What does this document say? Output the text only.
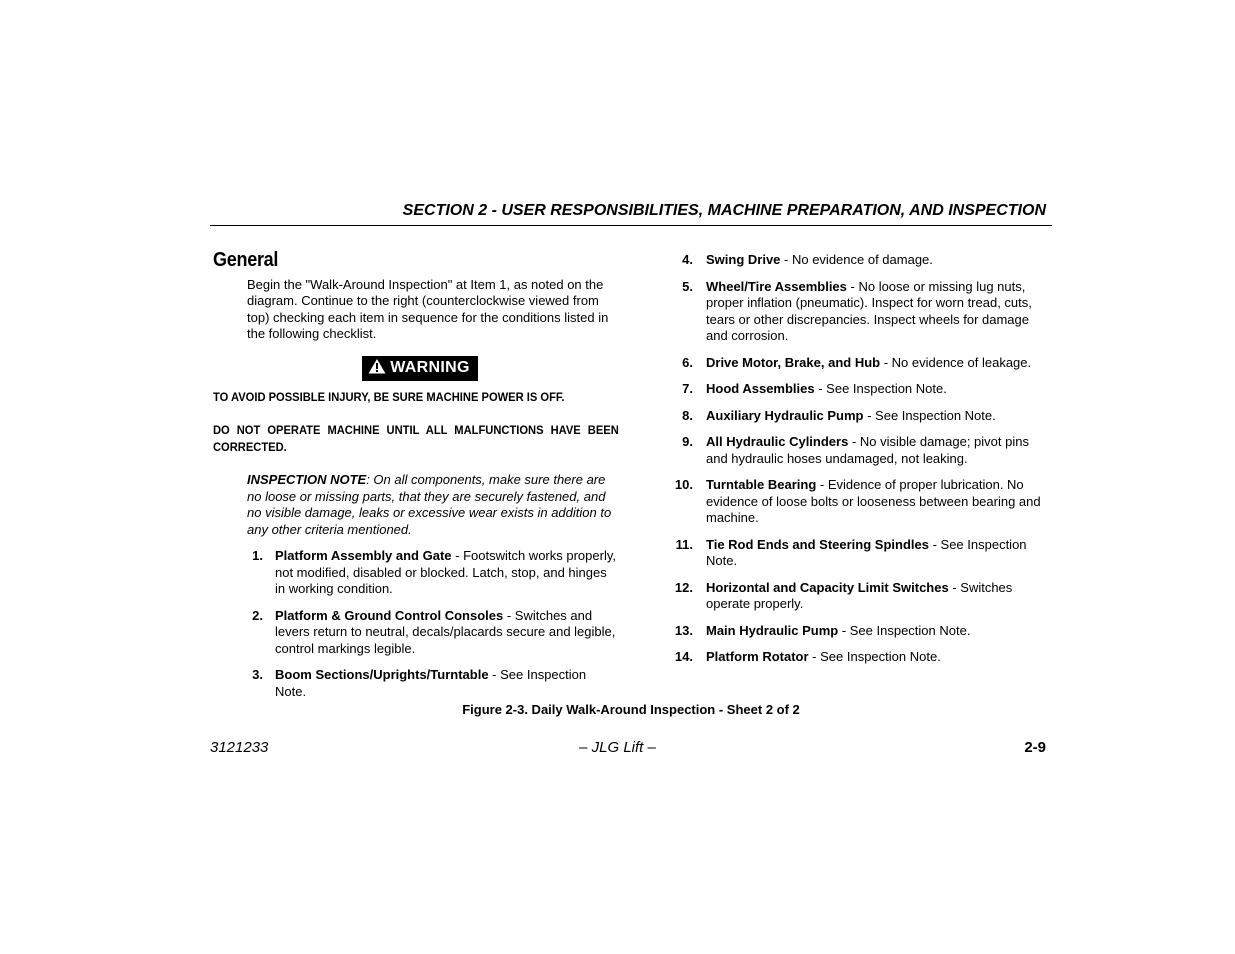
SECTION 2 - USER RESPONSIBILITIES, MACHINE PREPARATION, AND INSPECTION
General

Begin the "Walk-Around Inspection" at Item 1, as noted on the diagram. Continue to the right (counterclockwise viewed from top) checking each item in sequence for the conditions listed in the following checklist.

WARNING

TO AVOID POSSIBLE INJURY, BE SURE MACHINE POWER IS OFF.

DO NOT OPERATE MACHINE UNTIL ALL MALFUNCTIONS HAVE BEEN CORRECTED.

INSPECTION NOTE: On all components, make sure there are no loose or missing parts, that they are securely fastened, and no visible damage, leaks or excessive wear exists in addition to any other criteria mentioned.

1. Platform Assembly and Gate - Footswitch works properly, not modified, disabled or blocked. Latch, stop, and hinges in working condition.
2. Platform & Ground Control Consoles - Switches and levers return to neutral, decals/placards secure and legible, control markings legible.
3. Boom Sections/Uprights/Turntable - See Inspection Note.
4. Swing Drive - No evidence of damage.
5. Wheel/Tire Assemblies - No loose or missing lug nuts, proper inflation (pneumatic). Inspect for worn tread, cuts, tears or other discrepancies. Inspect wheels for damage and corrosion.
6. Drive Motor, Brake, and Hub - No evidence of leakage.
7. Hood Assemblies - See Inspection Note.
8. Auxiliary Hydraulic Pump - See Inspection Note.
9. All Hydraulic Cylinders - No visible damage; pivot pins and hydraulic hoses undamaged, not leaking.
10. Turntable Bearing - Evidence of proper lubrication. No evidence of loose bolts or looseness between bearing and machine.
11. Tie Rod Ends and Steering Spindles - See Inspection Note.
12. Horizontal and Capacity Limit Switches - Switches operate properly.
13. Main Hydraulic Pump - See Inspection Note.
14. Platform Rotator - See Inspection Note.
Figure 2-3. Daily Walk-Around Inspection - Sheet 2 of 2
3121233	– JLG Lift –	2-9
